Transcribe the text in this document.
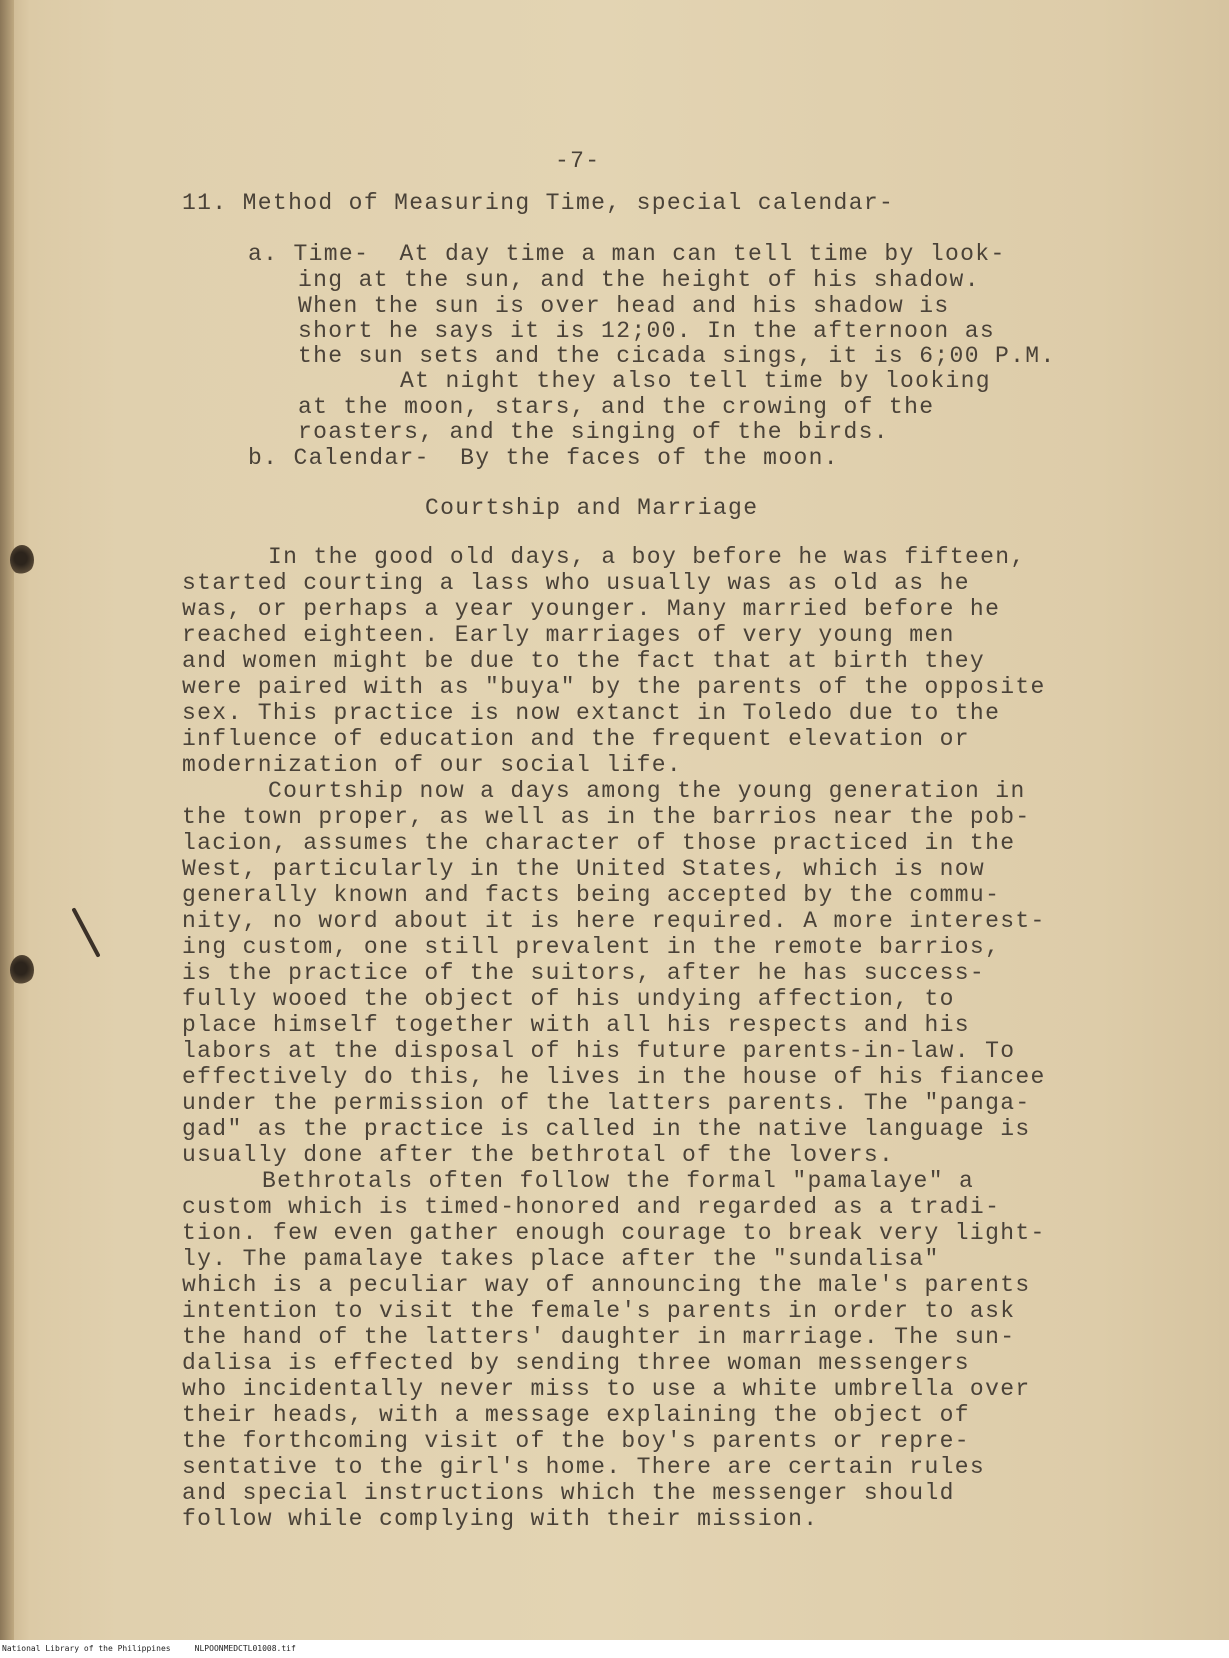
-7-
11. Method of Measuring Time, special calendar-
a. Time-  At day time a man can tell time by look-
ing at the sun, and the height of his shadow.
When the sun is over head and his shadow is
short he says it is 12;00. In the afternoon as
the sun sets and the cicada sings, it is 6;00 P.M.
At night they also tell time by looking
at the moon, stars, and the crowing of the
roasters, and the singing of the birds.
b. Calendar-  By the faces of the moon.
Courtship and Marriage
In the good old days, a boy before he was fifteen,
started courting a lass who usually was as old as he
was, or perhaps a year younger. Many married before he
reached eighteen. Early marriages of very young men
and women might be due to the fact that at birth they
were paired with as "buya" by the parents of the opposite
sex. This practice is now extanct in Toledo due to the
influence of education and the frequent elevation or
modernization of our social life.
Courtship now a days among the young generation in
the town proper, as well as in the barrios near the pob-
lacion, assumes the character of those practiced in the
West, particularly in the United States, which is now
generally known and facts being accepted by the commu-
nity, no word about it is here required. A more interest-
ing custom, one still prevalent in the remote barrios,
is the practice of the suitors, after he has success-
fully wooed the object of his undying affection, to
place himself together with all his respects and his
labors at the disposal of his future parents-in-law. To
effectively do this, he lives in the house of his fiancee
under the permission of the latters parents. The "panga-
gad" as the practice is called in the native language is
usually done after the bethrotal of the lovers.
Bethrotals often follow the formal "pamalaye" a
custom which is timed-honored and regarded as a tradi-
tion. few even gather enough courage to break very light-
ly. The pamalaye takes place after the "sundalisa"
which is a peculiar way of announcing the male's parents
intention to visit the female's parents in order to ask
the hand of the latters' daughter in marriage. The sun-
dalisa is effected by sending three woman messengers
who incidentally never miss to use a white umbrella over
their heads, with a message explaining the object of
the forthcoming visit of the boy's parents or repre-
sentative to the girl's home. There are certain rules
and special instructions which the messenger should
follow while complying with their mission.
National Library of the Philippines	NLPOONMEDCTL01008.tif
